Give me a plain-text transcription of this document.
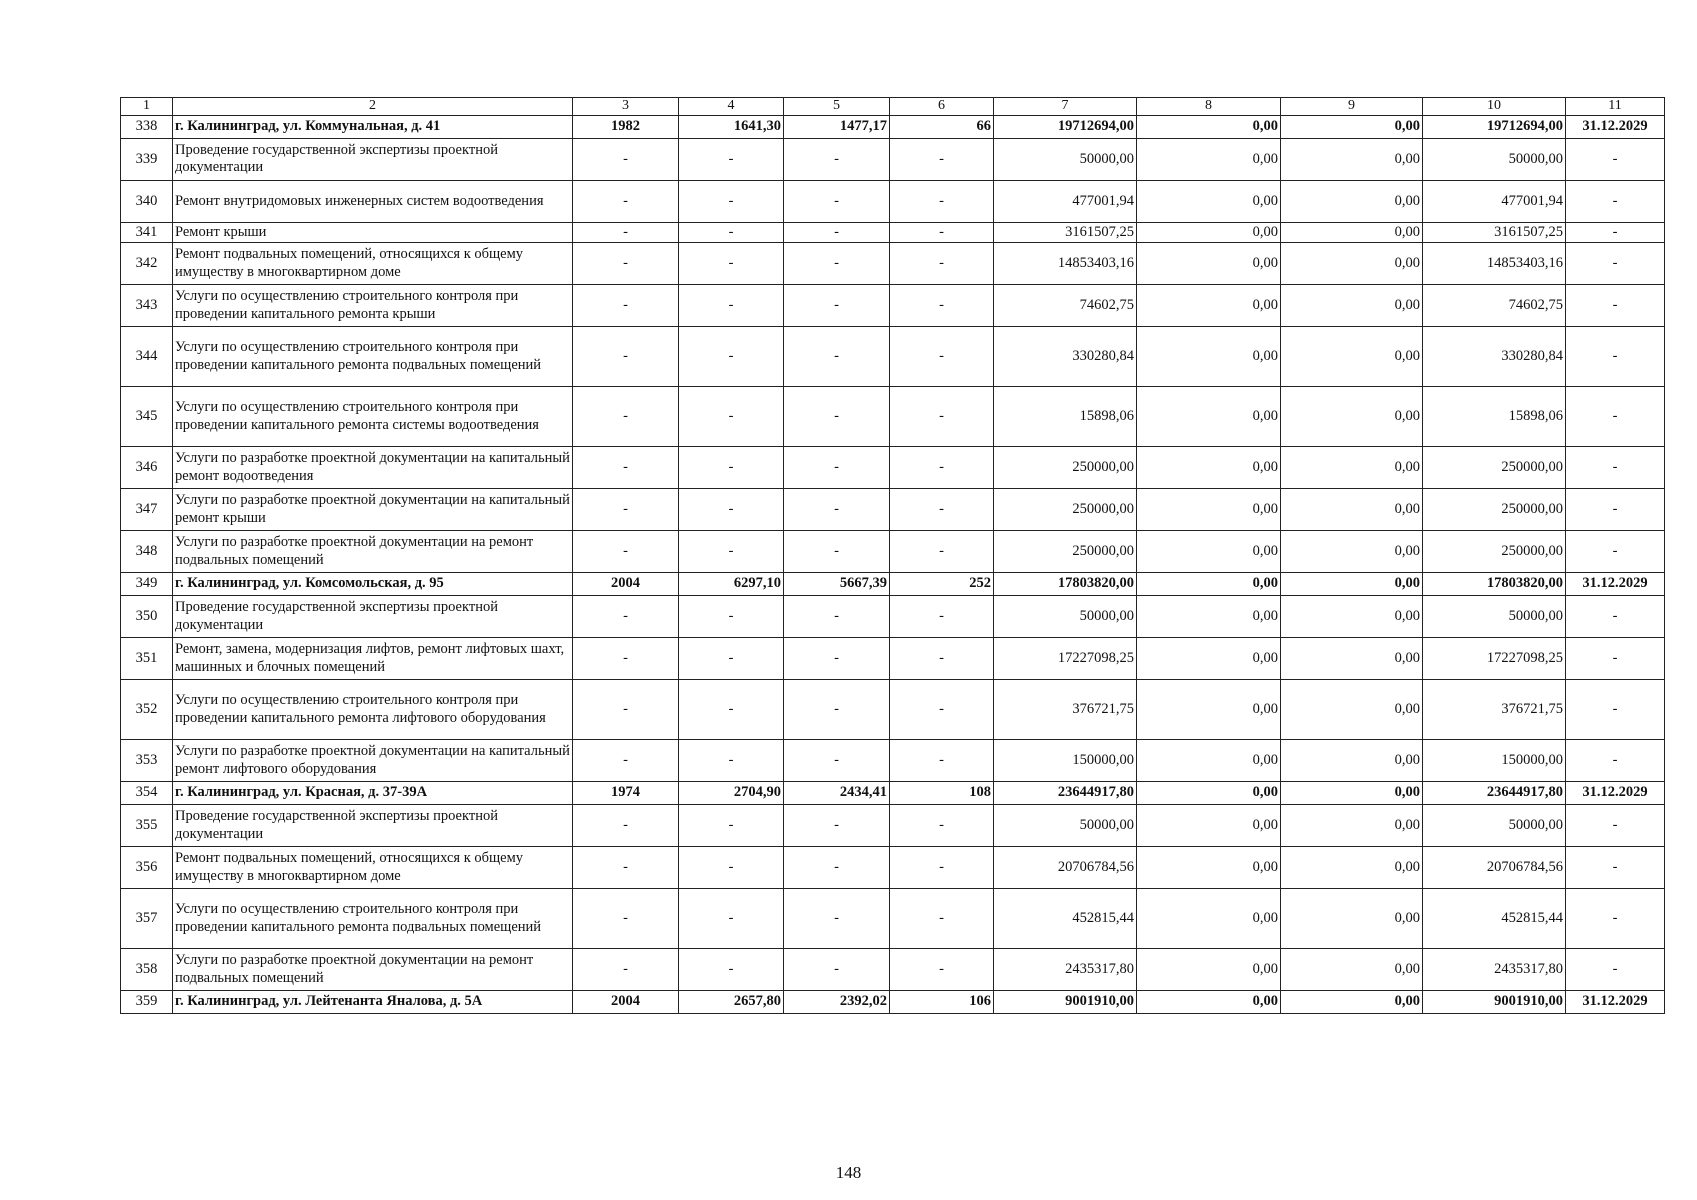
1	2	3	4	5	6	7	8	9	10	11
338	г. Калининград, ул. Коммунальная, д. 41	1982	1641,30	1477,17	66	19712694,00	0,00	0,00	19712694,00	31.12.2029
339	Проведение государственной экспертизы проектной документации	-	-	-	-	50000,00	0,00	0,00	50000,00	-
340	Ремонт внутридомовых инженерных систем водоотведения	-	-	-	-	477001,94	0,00	0,00	477001,94	-
341	Ремонт крыши	-	-	-	-	3161507,25	0,00	0,00	3161507,25	-
342	Ремонт подвальных помещений, относящихся к общему имуществу в многоквартирном доме	-	-	-	-	14853403,16	0,00	0,00	14853403,16	-
343	Услуги по осуществлению строительного контроля при проведении капитального ремонта крыши	-	-	-	-	74602,75	0,00	0,00	74602,75	-
344	Услуги по осуществлению строительного контроля при проведении капитального ремонта подвальных помещений	-	-	-	-	330280,84	0,00	0,00	330280,84	-
345	Услуги по осуществлению строительного контроля при проведении капитального ремонта системы водоотведения	-	-	-	-	15898,06	0,00	0,00	15898,06	-
346	Услуги по разработке проектной документации на капитальный ремонт водоотведения	-	-	-	-	250000,00	0,00	0,00	250000,00	-
347	Услуги по разработке проектной документации на капитальный ремонт крыши	-	-	-	-	250000,00	0,00	0,00	250000,00	-
348	Услуги по разработке проектной документации на ремонт подвальных помещений	-	-	-	-	250000,00	0,00	0,00	250000,00	-
349	г. Калининград, ул. Комсомольская, д. 95	2004	6297,10	5667,39	252	17803820,00	0,00	0,00	17803820,00	31.12.2029
350	Проведение государственной экспертизы проектной документации	-	-	-	-	50000,00	0,00	0,00	50000,00	-
351	Ремонт, замена, модернизация лифтов, ремонт лифтовых шахт, машинных и блочных помещений	-	-	-	-	17227098,25	0,00	0,00	17227098,25	-
352	Услуги по осуществлению строительного контроля при проведении капитального ремонта лифтового оборудования	-	-	-	-	376721,75	0,00	0,00	376721,75	-
353	Услуги по разработке проектной документации на капитальный ремонт лифтового оборудования	-	-	-	-	150000,00	0,00	0,00	150000,00	-
354	г. Калининград, ул. Красная, д. 37-39А	1974	2704,90	2434,41	108	23644917,80	0,00	0,00	23644917,80	31.12.2029
355	Проведение государственной экспертизы проектной документации	-	-	-	-	50000,00	0,00	0,00	50000,00	-
356	Ремонт подвальных помещений, относящихся к общему имуществу в многоквартирном доме	-	-	-	-	20706784,56	0,00	0,00	20706784,56	-
357	Услуги по осуществлению строительного контроля при проведении капитального ремонта подвальных помещений	-	-	-	-	452815,44	0,00	0,00	452815,44	-
358	Услуги по разработке проектной документации на ремонт подвальных помещений	-	-	-	-	2435317,80	0,00	0,00	2435317,80	-
359	г. Калининград, ул. Лейтенанта Яналова, д. 5А	2004	2657,80	2392,02	106	9001910,00	0,00	0,00	9001910,00	31.12.2029
148
